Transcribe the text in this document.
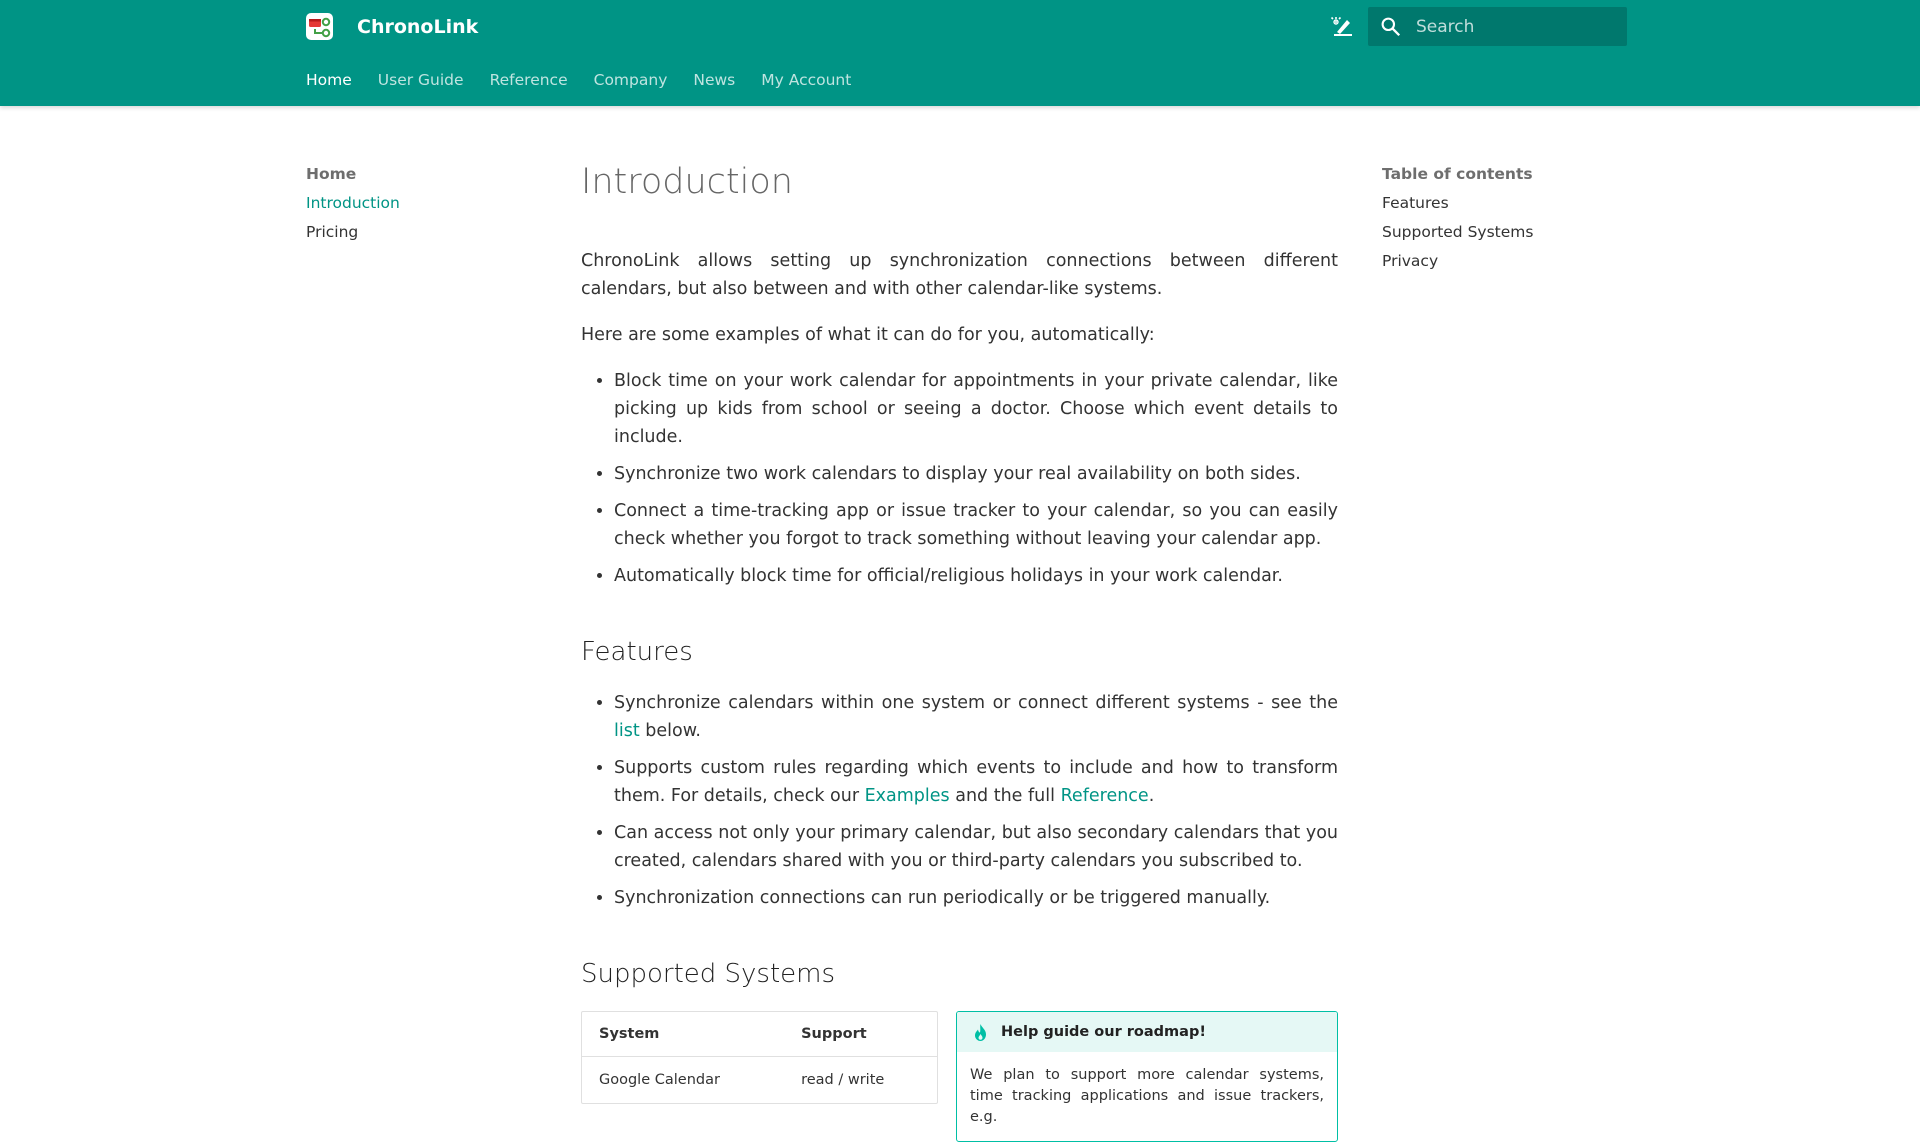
ChronoLink
Search
Home User Guide Reference Company News My Account
Home
Introduction
Pricing
Table of contents
Features
Supported Systems
Privacy
Introduction

ChronoLink allows setting up synchronization connections between different calendars, but also between and with other calendar-like systems.

Here are some examples of what it can do for you, automatically:

• Block time on your work calendar for appointments in your private calendar, like picking up kids from school or seeing a doctor. Choose which event details to include.
• Synchronize two work calendars to display your real availability on both sides.
• Connect a time-tracking app or issue tracker to your calendar, so you can easily check whether you forgot to track something without leaving your calendar app.
• Automatically block time for official/religious holidays in your work calendar.
Features
• Synchronize calendars within one system or connect different systems - see the list below.
• Supports custom rules regarding which events to include and how to transform them. For details, check our Examples and the full Reference.
• Can access not only your primary calendar, but also secondary calendars that you created, calendars shared with you or third-party calendars you subscribed to.
• Synchronization connections can run periodically or be triggered manually.
Supported Systems
System	Support
Google Calendar	read / write
Help guide our roadmap!
We plan to support more calendar systems, time tracking applications and issue trackers, e.g.
